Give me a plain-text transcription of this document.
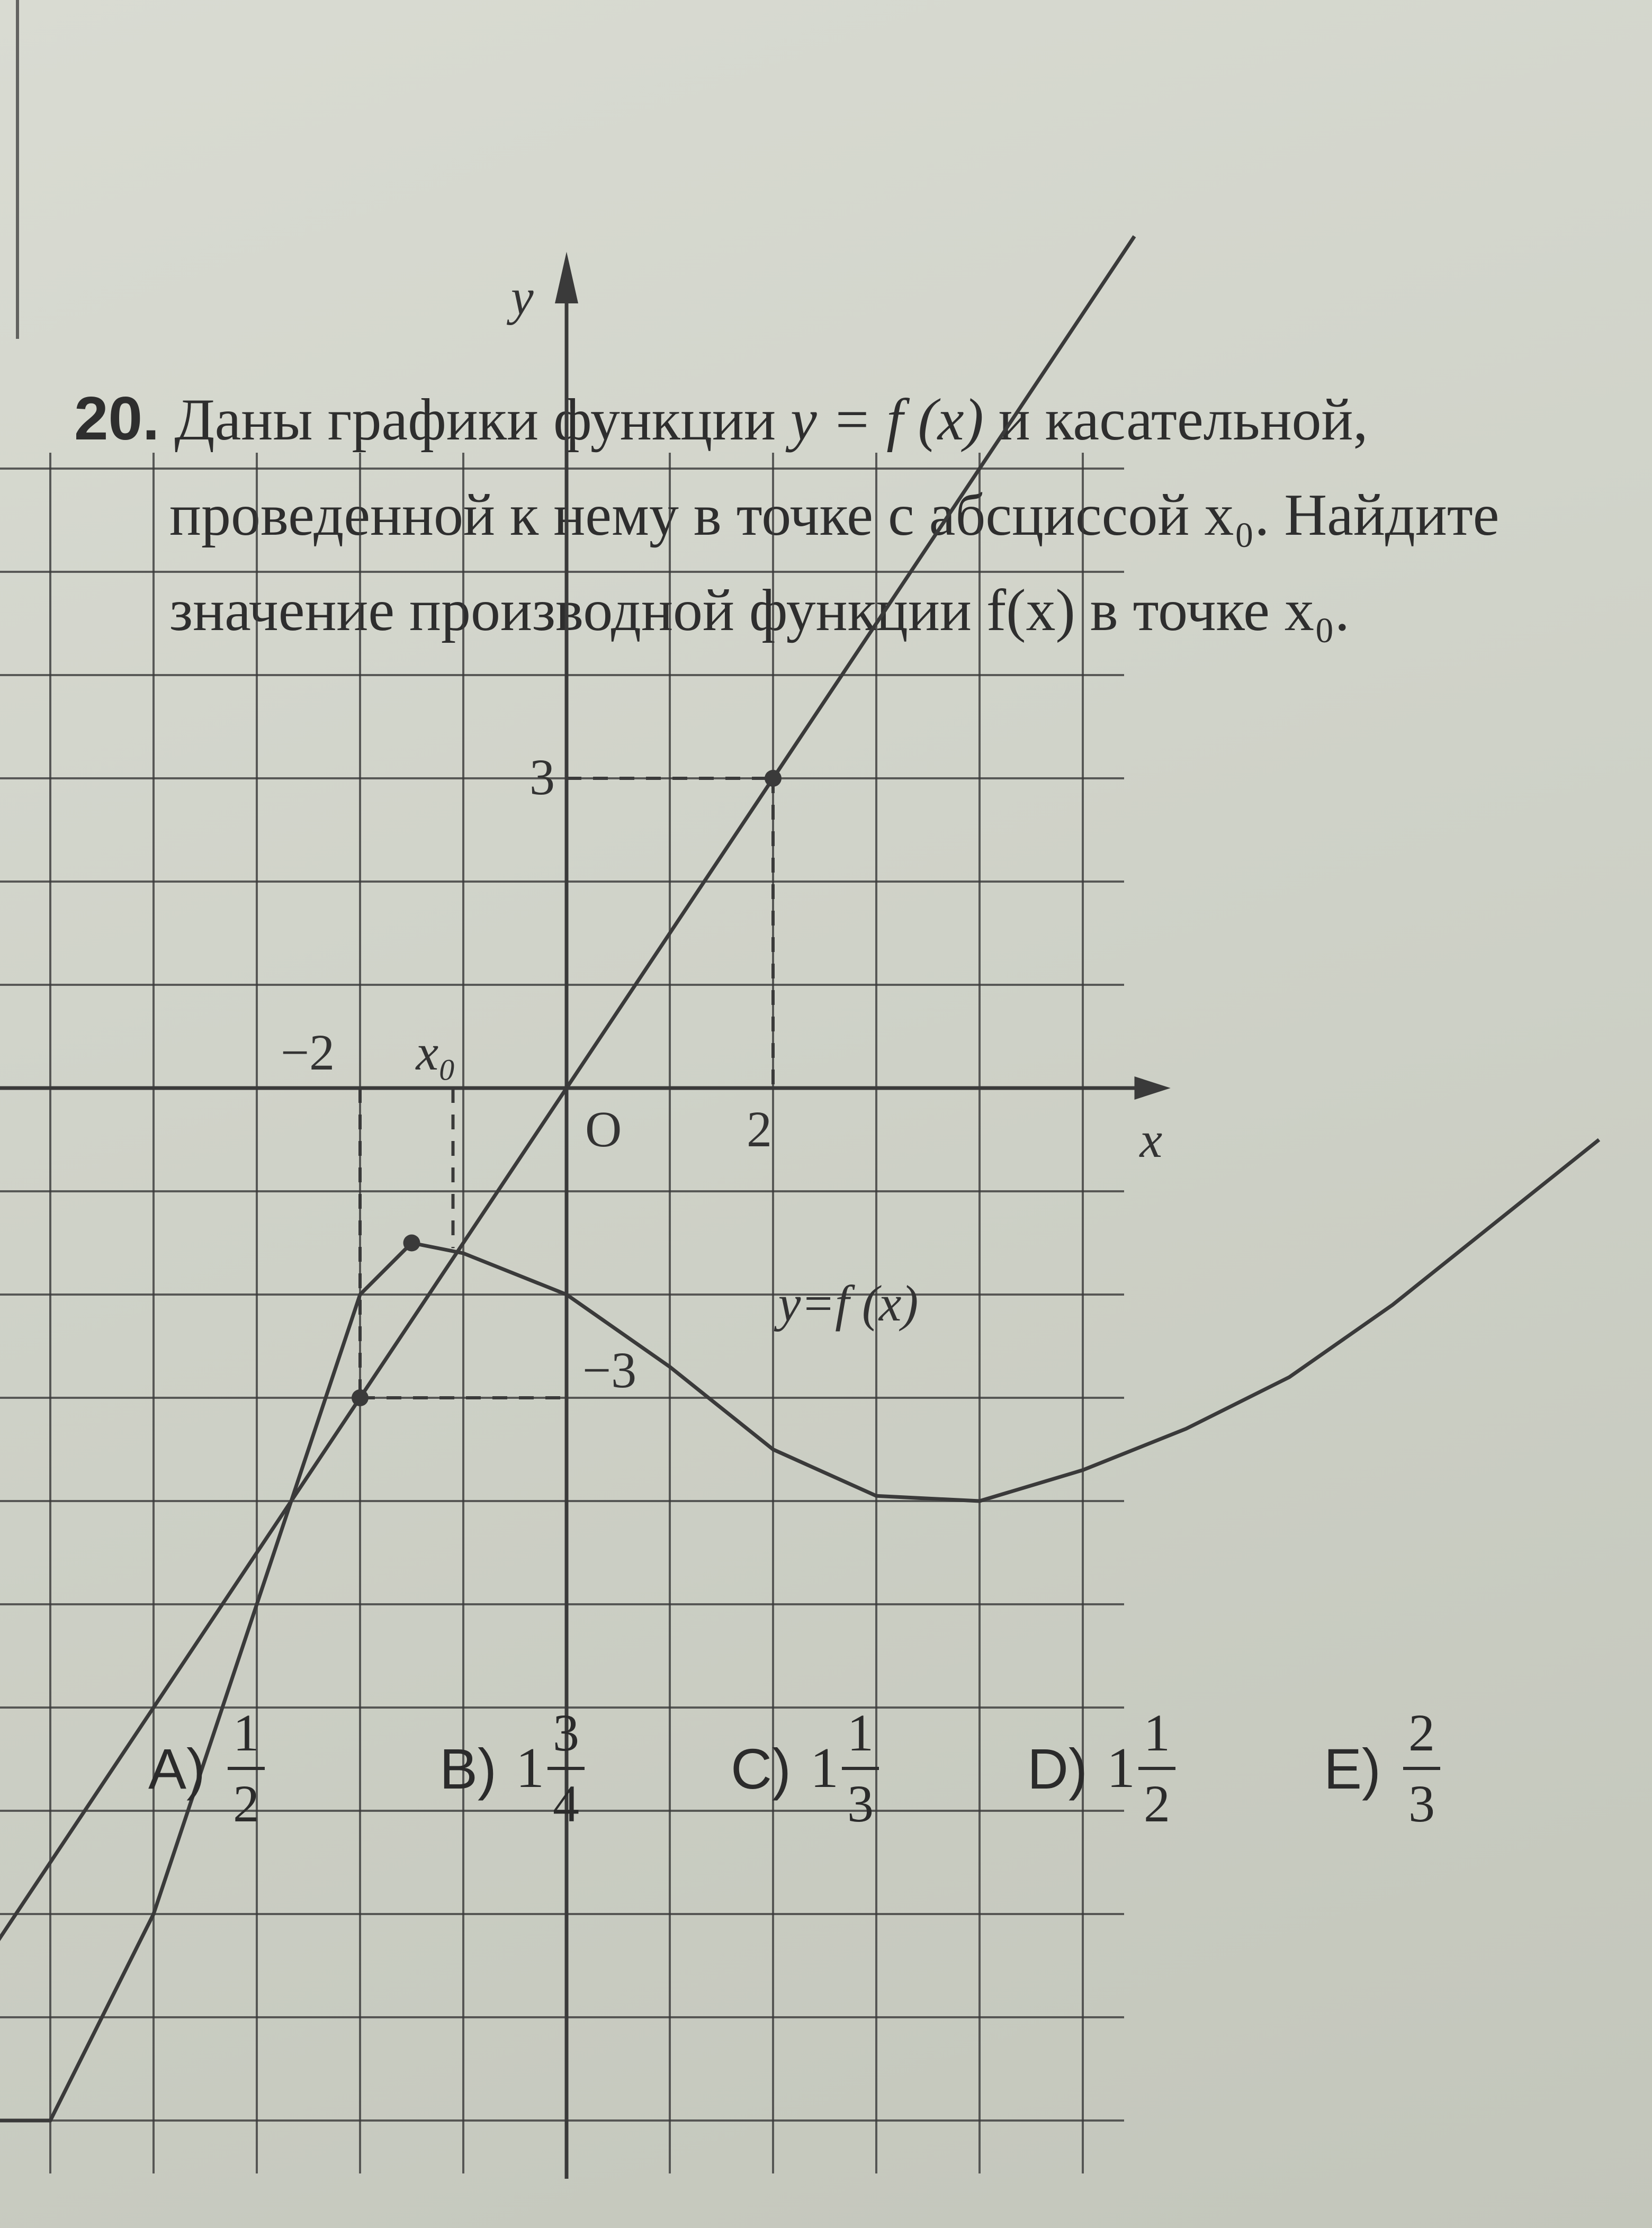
20. Даны графики функции y = f (x) и касательной,
проведенной к нему в точке с абсциссой x₀. Найдите
значение производной функции f(x) в точке x₀.
−2 x₀
2
3
−3
O	x
y
y=f (x)
A)
1
2
B) 1
3
4
C) 1
1
3
D) 1
1
2
E)
2
3
